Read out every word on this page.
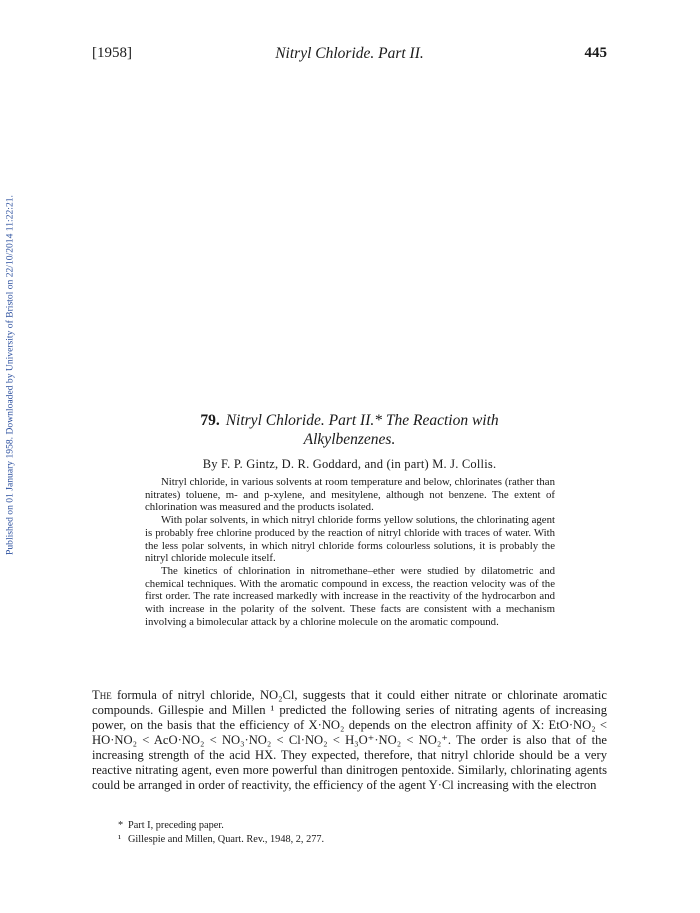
Published on 01 January 1958. Downloaded by University of Bristol on 22/10/2014 11:22:21.
[1958]	Nitryl Chloride. Part II.	445
79. Nitryl Chloride. Part II.* The Reaction with
Alkylbenzenes.
By F. P. Gintz, D. R. Goddard, and (in part) M. J. Collis.

Nitryl chloride, in various solvents at room temperature and below, chlorinates (rather than nitrates) toluene, m- and p-xylene, and mesitylene, although not benzene. The extent of chlorination was measured and the products isolated.

With polar solvents, in which nitryl chloride forms yellow solutions, the chlorinating agent is probably free chlorine produced by the reaction of nitryl chloride with traces of water. With the less polar solvents, in which nitryl chloride forms colourless solutions, it is probably the nitryl chloride molecule itself.

The kinetics of chlorination in nitromethane–ether were studied by dilatometric and chemical techniques. With the aromatic compound in excess, the reaction velocity was of the first order. The rate increased markedly with increase in the reactivity of the hydrocarbon and with increase in the polarity of the solvent. These facts are consistent with a mechanism involving a bimolecular attack by a chlorine molecule on the aromatic compound.

The formula of nitryl chloride, NO₂Cl, suggests that it could either nitrate or chlorinate aromatic compounds. Gillespie and Millen ¹ predicted the following series of nitrating agents of increasing power, on the basis that the efficiency of X·NO₂ depends on the electron affinity of X: EtO·NO₂ < HO·NO₂ < AcO·NO₂ < NO₃·NO₂ < Cl·NO₂ < H₃O⁺·NO₂ < NO₂⁺. The order is also that of the increasing strength of the acid HX. They expected, therefore, that nitryl chloride should be a very reactive nitrating agent, even more powerful than dinitrogen pentoxide. Similarly, chlorinating agents could be arranged in order of reactivity, the efficiency of the agent Y·Cl increasing with the electron

* Part I, preceding paper.
¹ Gillespie and Millen, Quart. Rev., 1948, 2, 277.
